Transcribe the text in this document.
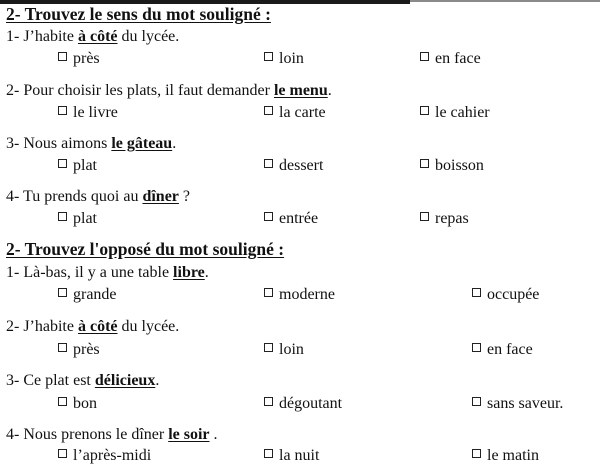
2- Trouvez le sens du mot souligné :
1- J’habite à côté du lycée.
près	loin	en face
2- Pour choisir les plats, il faut demander le menu.
le livre	la carte	le cahier
3- Nous aimons le gâteau.
plat	dessert	boisson
4- Tu prends quoi au dîner ?
plat	entrée	repas
2- Trouvez l'opposé du mot souligné :
1- Là-bas, il y a une table libre.
grande	moderne	occupée
2- J’habite à côté du lycée.
près	loin	en face
3- Ce plat est délicieux.
bon	dégoutant	sans saveur.
4- Nous prenons le dîner le soir .
l’après-midi	la nuit	le matin
